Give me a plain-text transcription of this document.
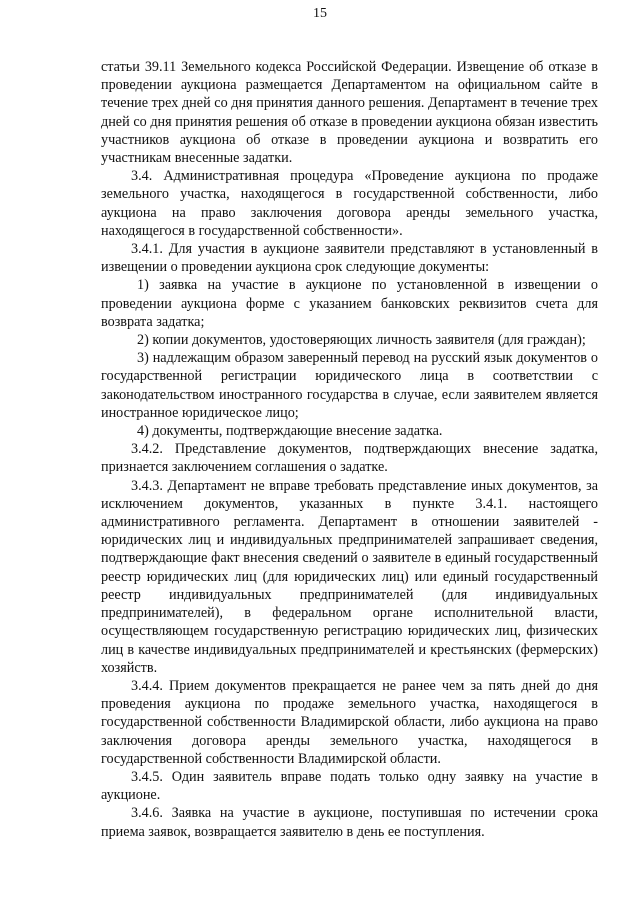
15

статьи 39.11 Земельного кодекса Российской Федерации. Извещение об отказе в проведении аукциона размещается Департаментом на официальном сайте в течение трех дней со дня принятия данного решения. Департамент в течение трех дней со дня принятия решения об отказе в проведении аукциона обязан известить участников аукциона об отказе в проведении аукциона и возвратить его участникам внесенные задатки.

3.4. Административная процедура «Проведение аукциона по продаже земельного участка, находящегося в государственной собственности, либо аукциона на право заключения договора аренды земельного участка, находящегося в государственной собственности».

3.4.1. Для участия в аукционе заявители представляют в установленный в извещении о проведении аукциона срок следующие документы:

1) заявка на участие в аукционе по установленной в извещении о проведении аукциона форме с указанием банковских реквизитов счета для возврата задатка;

2) копии документов, удостоверяющих личность заявителя (для граждан);

3) надлежащим образом заверенный перевод на русский язык документов о государственной регистрации юридического лица в соответствии с законодательством иностранного государства в случае, если заявителем является иностранное юридическое лицо;

4) документы, подтверждающие внесение задатка.

3.4.2. Представление документов, подтверждающих внесение задатка, признается заключением соглашения о задатке.

3.4.3. Департамент не вправе требовать представление иных документов, за исключением документов, указанных в пункте 3.4.1. настоящего административного регламента. Департамент в отношении заявителей - юридических лиц и индивидуальных предпринимателей запрашивает сведения, подтверждающие факт внесения сведений о заявителе в единый государственный реестр юридических лиц (для юридических лиц) или единый государственный реестр индивидуальных предпринимателей (для индивидуальных предпринимателей), в федеральном органе исполнительной власти, осуществляющем государственную регистрацию юридических лиц, физических лиц в качестве индивидуальных предпринимателей и крестьянских (фермерских) хозяйств.

3.4.4. Прием документов прекращается не ранее чем за пять дней до дня проведения аукциона по продаже земельного участка, находящегося в государственной собственности Владимирской области, либо аукциона на право заключения договора аренды земельного участка, находящегося в государственной собственности Владимирской области.

3.4.5. Один заявитель вправе подать только одну заявку на участие в аукционе.

3.4.6. Заявка на участие в аукционе, поступившая по истечении срока приема заявок, возвращается заявителю в день ее поступления.
